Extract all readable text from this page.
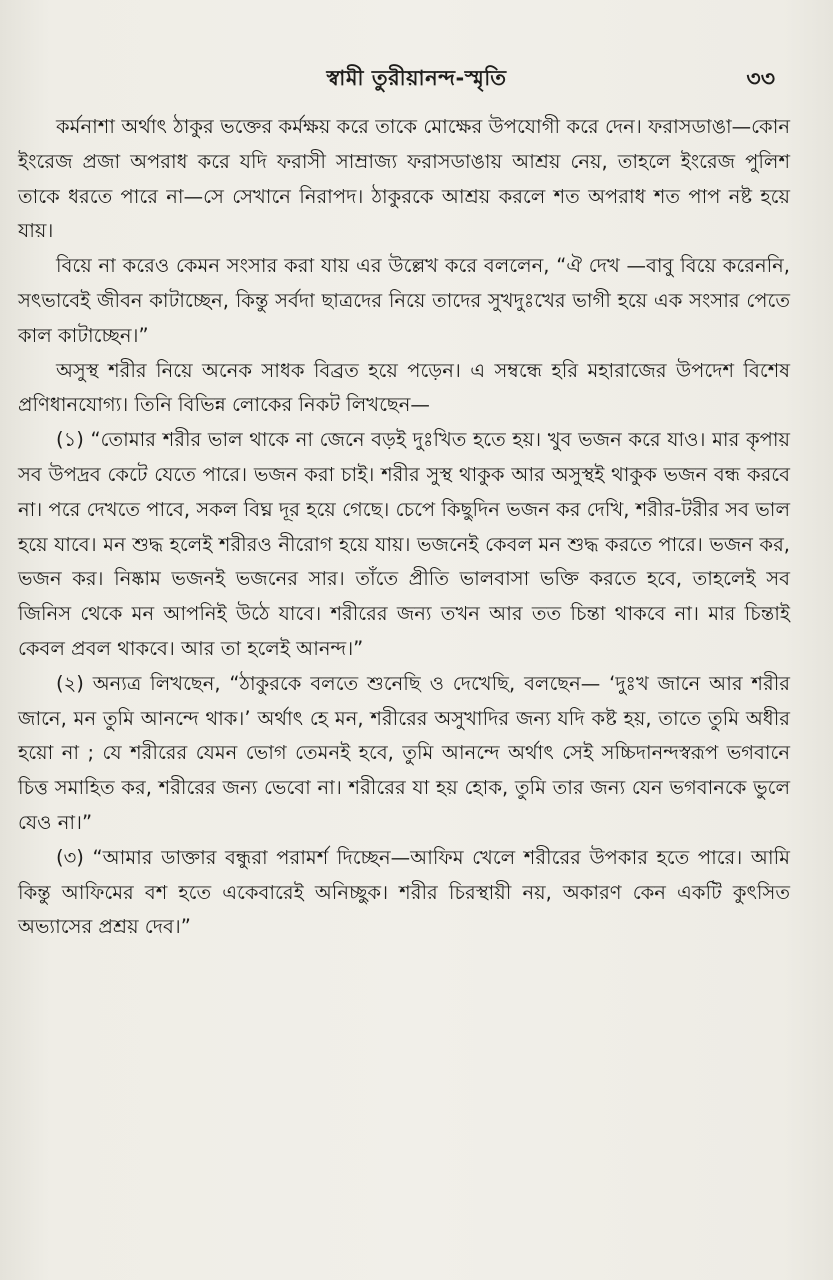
স্বামী তুরীয়ানন্দ-স্মৃতি	৩৩

কর্মনাশা অর্থাৎ ঠাকুর ভক্তের কর্মক্ষয় করে তাকে মোক্ষের উপযোগী করে দেন। ফরাসডাঙা—কোন ইংরেজ প্রজা অপরাধ করে যদি ফরাসী সাম্রাজ্য ফরাসডাঙায় আশ্রয় নেয়, তাহলে ইংরেজ পুলিশ তাকে ধরতে পারে না—সে সেখানে নিরাপদ। ঠাকুরকে আশ্রয় করলে শত অপরাধ শত পাপ নষ্ট হয়ে যায়।

বিয়ে না করেও কেমন সংসার করা যায় এর উল্লেখ করে বললেন, “ঐ দেখ —বাবু বিয়ে করেননি, সৎভাবেই জীবন কাটাচ্ছেন, কিন্তু সর্বদা ছাত্রদের নিয়ে তাদের সুখদুঃখের ভাগী হয়ে এক সংসার পেতে কাল কাটাচ্ছেন।”

অসুস্থ শরীর নিয়ে অনেক সাধক বিব্রত হয়ে পড়েন। এ সম্বন্ধে হরি মহারাজের উপদেশ বিশেষ প্রণিধানযোগ্য। তিনি বিভিন্ন লোকের নিকট লিখছেন—

(১) “তোমার শরীর ভাল থাকে না জেনে বড়ই দুঃখিত হতে হয়। খুব ভজন করে যাও। মার কৃপায় সব উপদ্রব কেটে যেতে পারে। ভজন করা চাই। শরীর সুস্থ থাকুক আর অসুস্থই থাকুক ভজন বন্ধ করবে না। পরে দেখতে পাবে, সকল বিঘ্ন দূর হয়ে গেছে। চেপে কিছুদিন ভজন কর দেখি, শরীর-টরীর সব ভাল হয়ে যাবে। মন শুদ্ধ হলেই শরীরও নীরোগ হয়ে যায়। ভজনেই কেবল মন শুদ্ধ করতে পারে। ভজন কর, ভজন কর। নিষ্কাম ভজনই ভজনের সার। তাঁতে প্রীতি ভালবাসা ভক্তি করতে হবে, তাহলেই সব জিনিস থেকে মন আপনিই উঠে যাবে। শরীরের জন্য তখন আর তত চিন্তা থাকবে না। মার চিন্তাই কেবল প্রবল থাকবে। আর তা হলেই আনন্দ।”

(২) অন্যত্র লিখছেন, “ঠাকুরকে বলতে শুনেছি ও দেখেছি, বলছেন— ‘দুঃখ জানে আর শরীর জানে, মন তুমি আনন্দে থাক।’ অর্থাৎ হে মন, শরীরের অসুখাদির জন্য যদি কষ্ট হয়, তাতে তুমি অধীর হয়ো না ; যে শরীরের যেমন ভোগ তেমনই হবে, তুমি আনন্দে অর্থাৎ সেই সচ্চিদানন্দস্বরূপ ভগবানে চিত্ত সমাহিত কর, শরীরের জন্য ভেবো না। শরীরের যা হয় হোক, তুমি তার জন্য যেন ভগবানকে ভুলে যেও না।”

(৩) “আমার ডাক্তার বন্ধুরা পরামর্শ দিচ্ছেন—আফিম খেলে শরীরের উপকার হতে পারে। আমি কিন্তু আফিমের বশ হতে একেবারেই অনিচ্ছুক। শরীর চিরস্থায়ী নয়, অকারণ কেন একটি কুৎসিত অভ্যাসের প্রশ্রয় দেব।”
